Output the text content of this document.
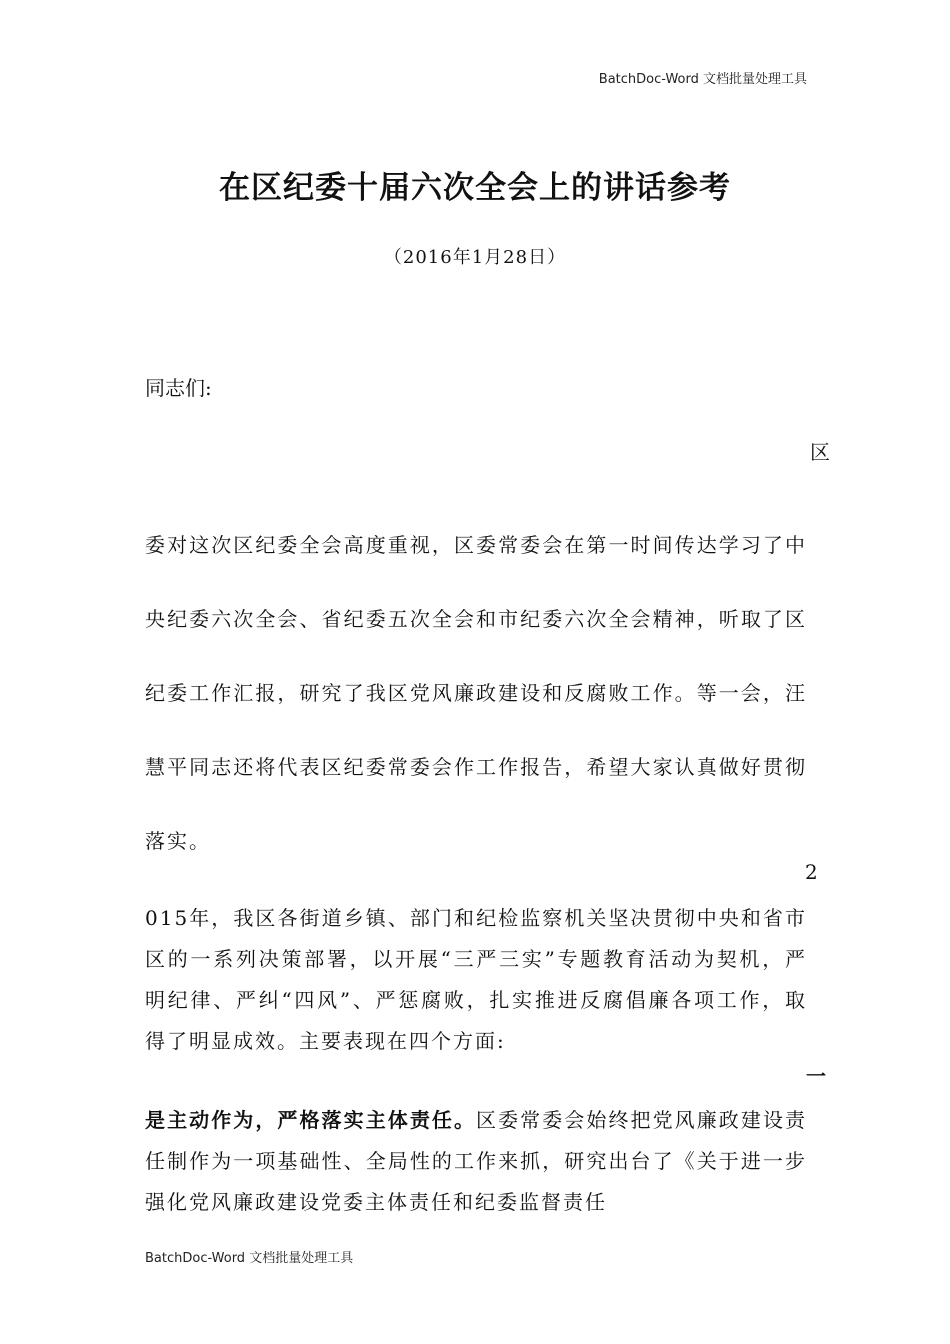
BatchDoc-Word 文档批量处理工具
在区纪委十届六次全会上的讲话参考
（2016年1月28日）
同志们:
区

委对这次区纪委全会高度重视，区委常委会在第一时间传达学习了中央纪委六次全会、省纪委五次全会和市纪委六次全会精神，听取了区纪委工作汇报，研究了我区党风廉政建设和反腐败工作。等一会，汪慧平同志还将代表区纪委常委会作工作报告，希望大家认真做好贯彻落实。

2

015年，我区各街道乡镇、部门和纪检监察机关坚决贯彻中央和省市区的一系列决策部署，以开展“三严三实”专题教育活动为契机，严明纪律、严纠“四风”、严惩腐败，扎实推进反腐倡廉各项工作，取得了明显成效。主要表现在四个方面:

一

是主动作为，严格落实主体责任。区委常委会始终把党风廉政建设责任制作为一项基础性、全局性的工作来抓，研究出台了《关于进一步强化党风廉政建设党委主体责任和纪委监督责任

BatchDoc-Word 文档批量处理工具
